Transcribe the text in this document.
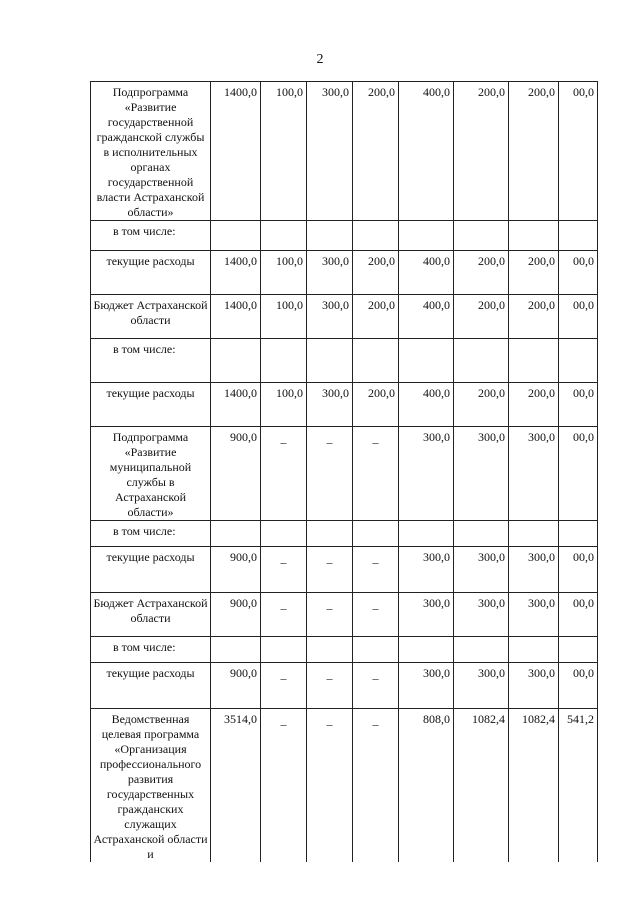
2
Подпрограмма «Развитие государственной гражданской службы в исполнительных органах государственной власти Астраханской области»	1400,0	100,0	300,0	200,0	400,0	200,0	200,0	00,0
в том числе:								
текущие расходы	1400,0	100,0	300,0	200,0	400,0	200,0	200,0	00,0
Бюджет Астраханской области	1400,0	100,0	300,0	200,0	400,0	200,0	200,0	00,0
в том числе:								
текущие расходы	1400,0	100,0	300,0	200,0	400,0	200,0	200,0	00,0
Подпрограмма «Развитие муниципальной службы в Астраханской области»	900,0	–	–	–	300,0	300,0	300,0	00,0
в том числе:								
текущие расходы	900,0	–	–	–	300,0	300,0	300,0	00,0
Бюджет Астраханской области	900,0	–	–	–	300,0	300,0	300,0	00,0
в том числе:								
текущие расходы	900,0	–	–	–	300,0	300,0	300,0	00,0
Ведомственная целевая программа «Организация профессионального развития государственных гражданских служащих Астраханской области и	3514,0	–	–	–	808,0	1082,4	1082,4	541,2
